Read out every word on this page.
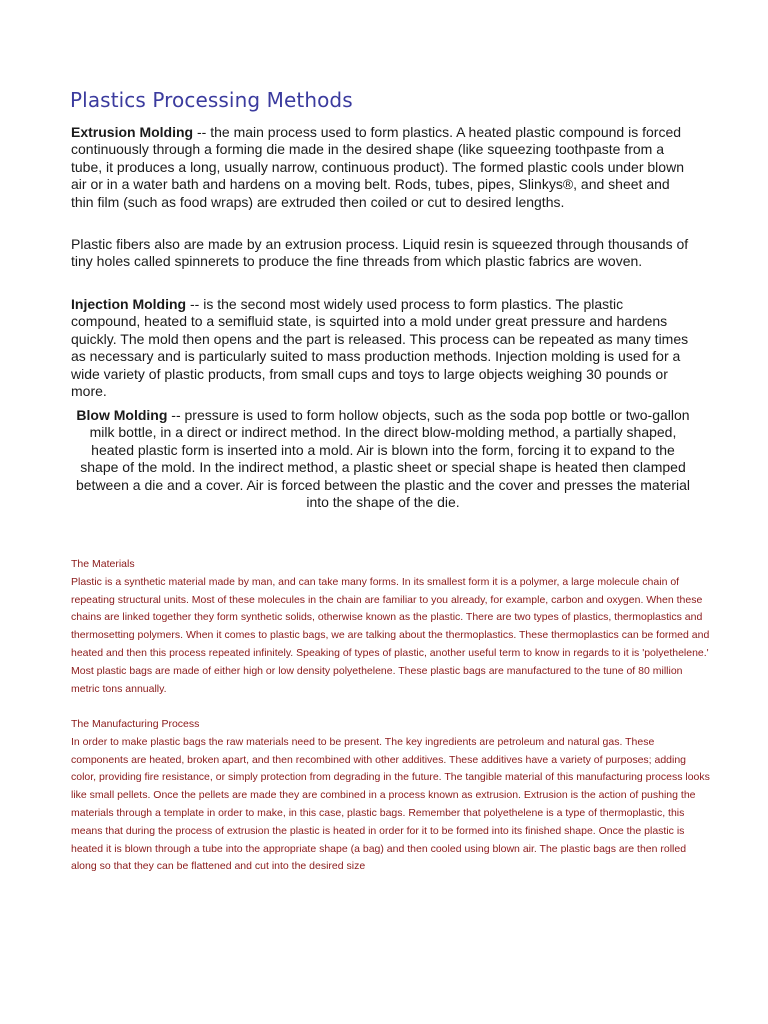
Plastics Processing Methods

Extrusion Molding -- the main process used to form plastics. A heated plastic compound is forced continuously through a forming die made in the desired shape (like squeezing toothpaste from a tube, it produces a long, usually narrow, continuous product). The formed plastic cools under blown air or in a water bath and hardens on a moving belt. Rods, tubes, pipes, Slinkys®, and sheet and thin film (such as food wraps) are extruded then coiled or cut to desired lengths.

Plastic fibers also are made by an extrusion process. Liquid resin is squeezed through thousands of tiny holes called spinnerets to produce the fine threads from which plastic fabrics are woven.

Injection Molding -- is the second most widely used process to form plastics. The plastic compound, heated to a semifluid state, is squirted into a mold under great pressure and hardens quickly. The mold then opens and the part is released. This process can be repeated as many times as necessary and is particularly suited to mass production methods. Injection molding is used for a wide variety of plastic products, from small cups and toys to large objects weighing 30 pounds or more.

Blow Molding -- pressure is used to form hollow objects, such as the soda pop bottle or two-gallon milk bottle, in a direct or indirect method. In the direct blow-molding method, a partially shaped, heated plastic form is inserted into a mold. Air is blown into the form, forcing it to expand to the shape of the mold. In the indirect method, a plastic sheet or special shape is heated then clamped between a die and a cover. Air is forced between the plastic and the cover and presses the material into the shape of the die.

The Materials
Plastic is a synthetic material made by man, and can take many forms. In its smallest form it is a polymer, a large molecule chain of repeating structural units. Most of these molecules in the chain are familiar to you already, for example, carbon and oxygen. When these chains are linked together they form synthetic solids, otherwise known as the plastic. There are two types of plastics, thermoplastics and thermosetting polymers. When it comes to plastic bags, we are talking about the thermoplastics. These thermoplastics can be formed and heated and then this process repeated infinitely. Speaking of types of plastic, another useful term to know in regards to it is 'polyethelene.' Most plastic bags are made of either high or low density polyethelene. These plastic bags are manufactured to the tune of 80 million metric tons annually.
The Manufacturing Process
In order to make plastic bags the raw materials need to be present. The key ingredients are petroleum and natural gas. These components are heated, broken apart, and then recombined with other additives. These additives have a variety of purposes; adding color, providing fire resistance, or simply protection from degrading in the future. The tangible material of this manufacturing process looks like small pellets. Once the pellets are made they are combined in a process known as extrusion. Extrusion is the action of pushing the materials through a template in order to make, in this case, plastic bags. Remember that polyethelene is a type of thermoplastic, this means that during the process of extrusion the plastic is heated in order for it to be formed into its finished shape. Once the plastic is heated it is blown through a tube into the appropriate shape (a bag) and then cooled using blown air. The plastic bags are then rolled along so that they can be flattened and cut into the desired size
